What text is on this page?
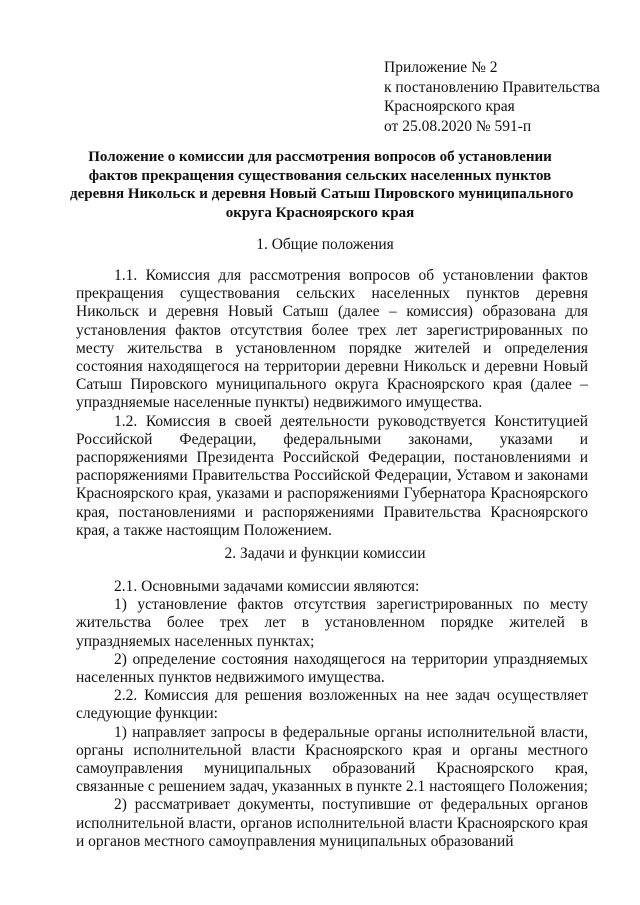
Приложение № 2
к постановлению Правительства
Красноярского края
от 25.08.2020 № 591-п
Положение о комиссии для рассмотрения вопросов об установлении
фактов прекращения существования сельских населенных пунктов
деревня Никольск и деревня Новый Сатыш Пировского муниципального
округа Красноярского края
1. Общие положения

1.1. Комиссия для рассмотрения вопросов об установлении фактов прекращения существования сельских населенных пунктов деревня Никольск и деревня Новый Сатыш (далее – комиссия) образована для установления фактов отсутствия более трех лет зарегистрированных по месту жительства в установленном порядке жителей и определения состояния находящегося на территории деревни Никольск и деревни Новый Сатыш Пировского муниципального округа Красноярского края (далее – упраздняемые населенные пункты) недвижимого имущества.

1.2. Комиссия в своей деятельности руководствуется Конституцией Российской Федерации, федеральными законами, указами и распоряжениями Президента Российской Федерации, постановлениями и распоряжениями Правительства Российской Федерации, Уставом и законами Красноярского края, указами и распоряжениями Губернатора Красноярского края, постановлениями и распоряжениями Правительства Красноярского края, а также настоящим Положением.

2. Задачи и функции комиссии

2.1. Основными задачами комиссии являются:

1) установление фактов отсутствия зарегистрированных по месту жительства более трех лет в установленном порядке жителей в упраздняемых населенных пунктах;

2) определение состояния находящегося на территории упраздняемых населенных пунктов недвижимого имущества.

2.2. Комиссия для решения возложенных на нее задач осуществляет следующие функции:

1) направляет запросы в федеральные органы исполнительной власти, органы исполнительной власти Красноярского края и органы местного самоуправления муниципальных образований Красноярского края, связанные с решением задач, указанных в пункте 2.1 настоящего Положения;

2) рассматривает документы, поступившие от федеральных органов исполнительной власти, органов исполнительной власти Красноярского края и органов местного самоуправления муниципальных образований
